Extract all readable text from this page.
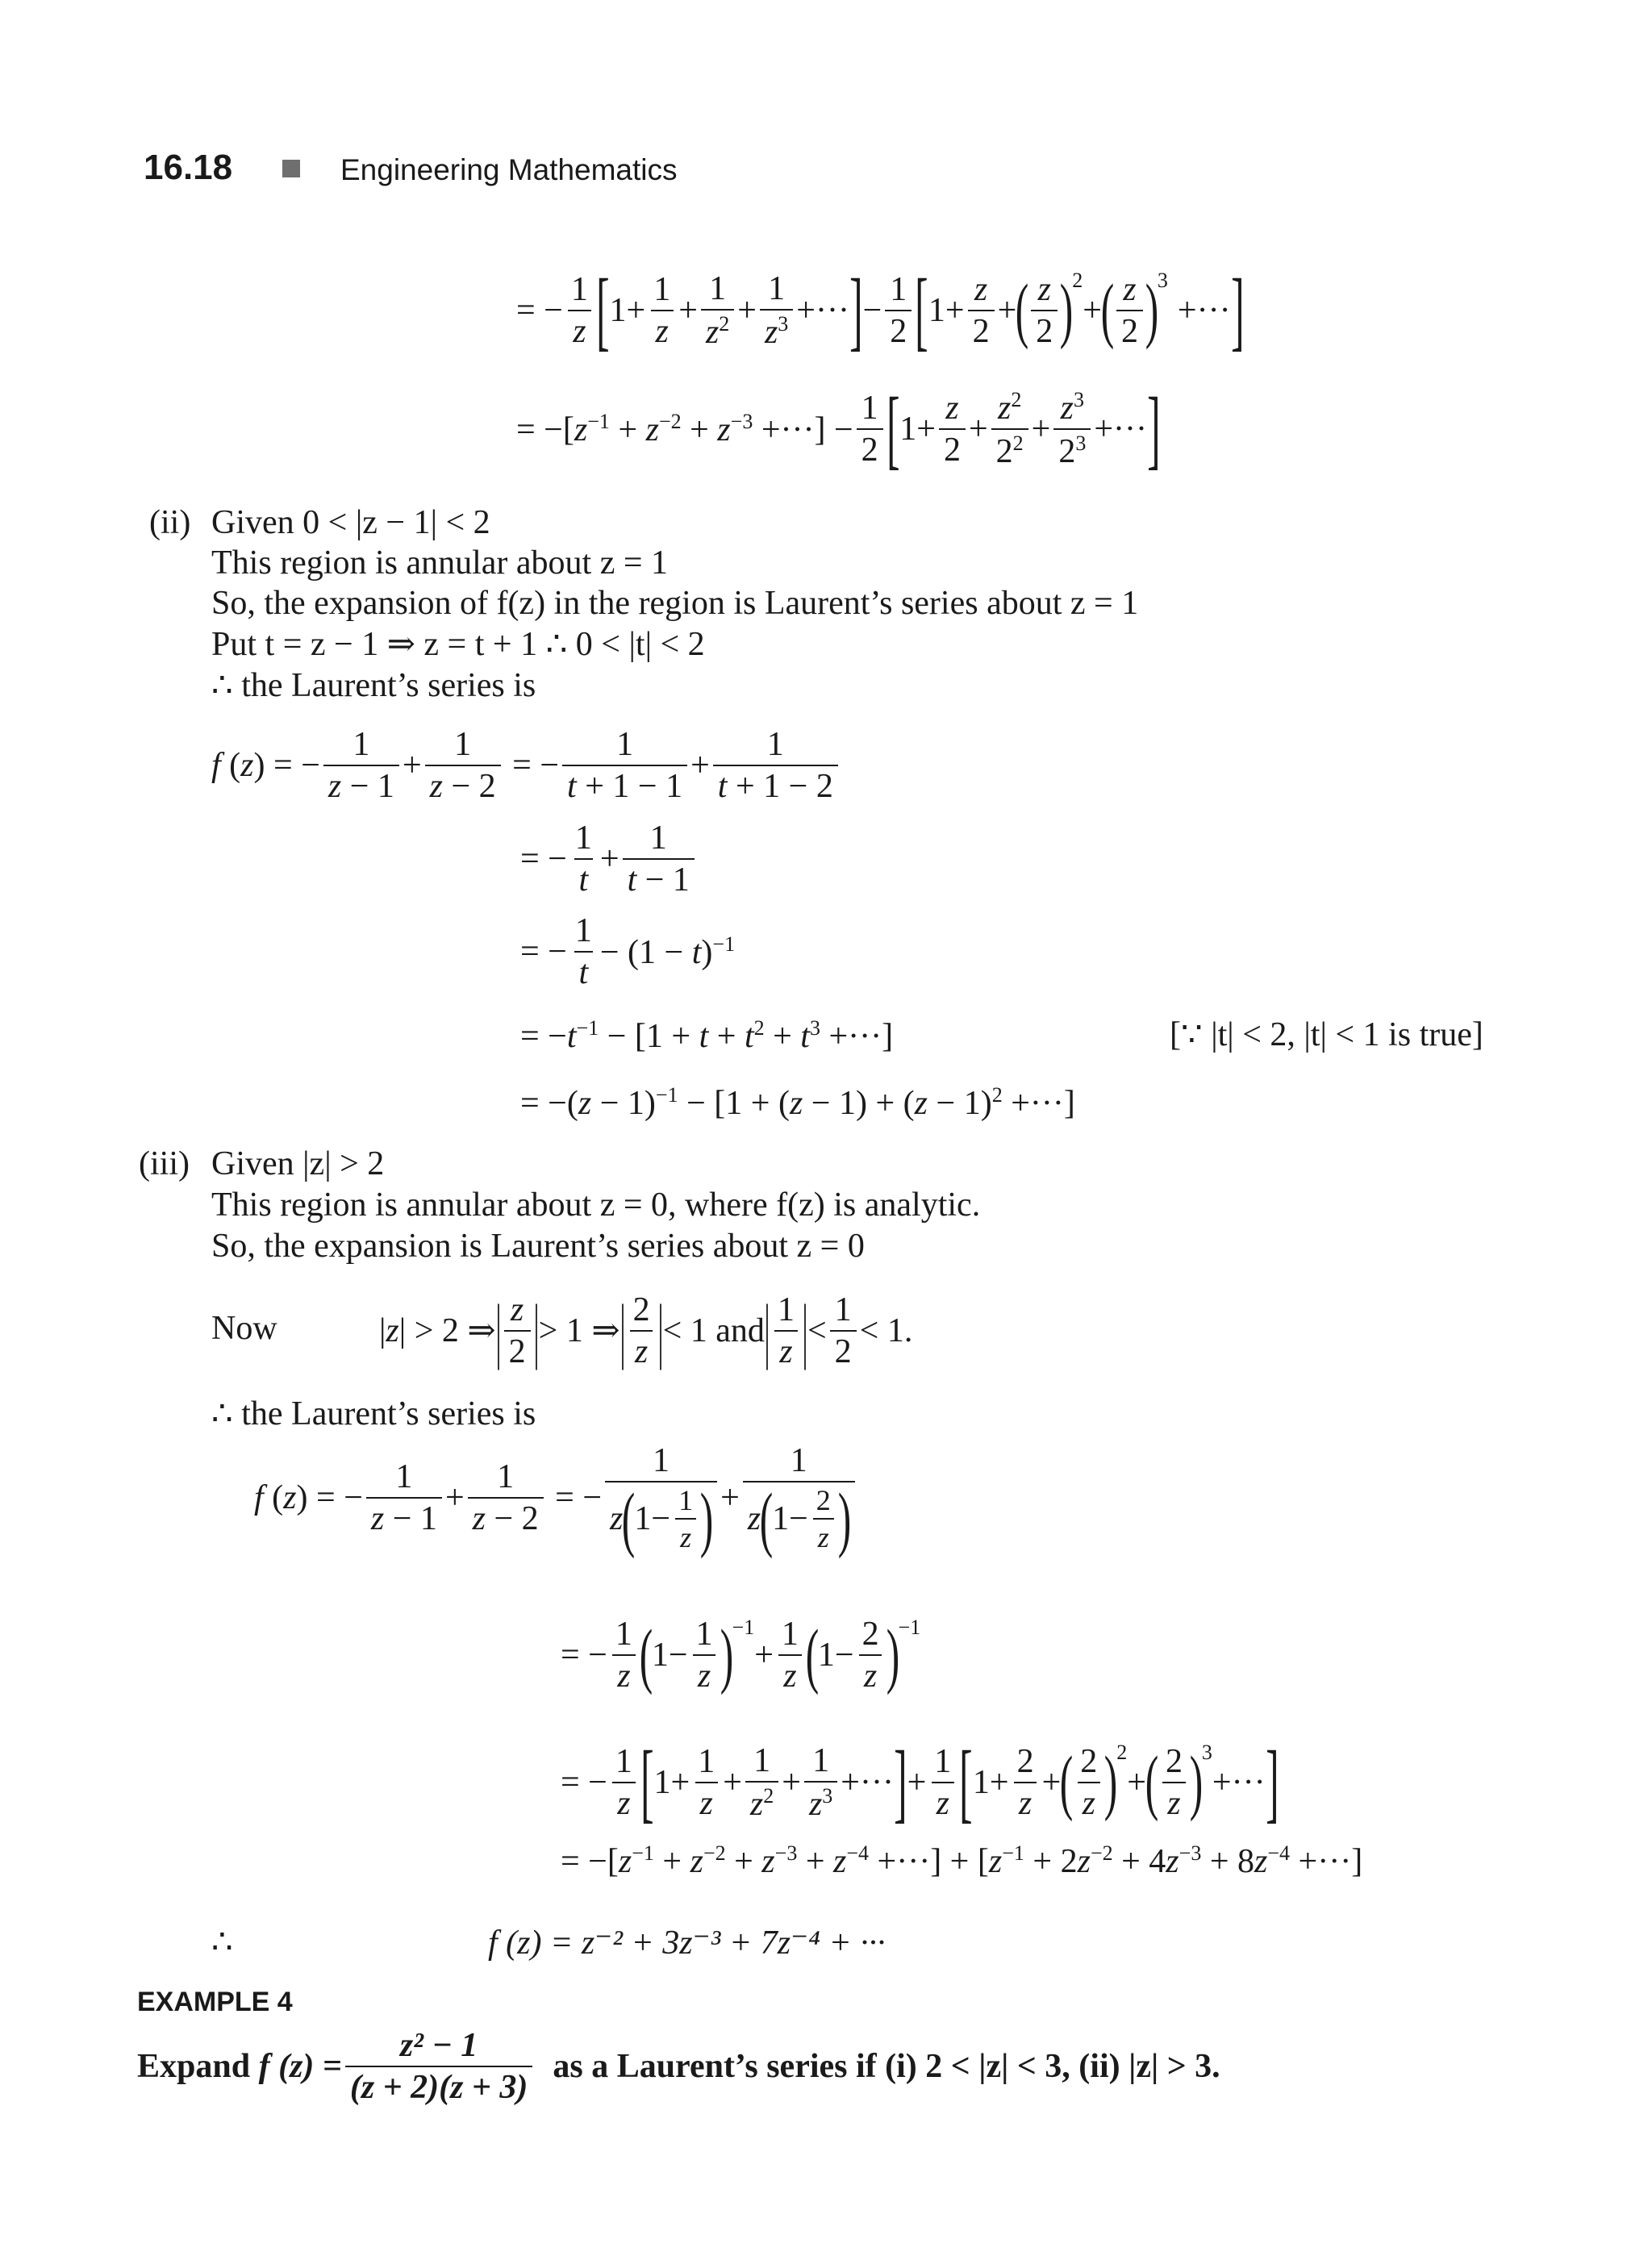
16.18	Engineering Mathematics
= − $\frac{1}{z}$ [ $1+ \frac{1}{z} + \frac{1}{z^2} + \frac{1}{z^3}$ +··· ] − $\frac{1}{2}$ [ $1+ \frac{z}{2}$ +
( $\frac{z}{2}$ )
2
+
( $\frac{z}{2}$ )
3
+··· ]
= $-[z^{-1} + z^{-2} + z^{-3}$ +···] − $\frac{1}{2}$ [ $1+ \frac{z}{2} + \frac{z^2}{2^2} + \frac{z^3}{2^3}$ +··· ]
(ii) Given 0 < |z − 1| < 2
This region is annular about z = 1
So, the expansion of f(z) in the region is Laurent’s series about z = 1
Put t = z − 1 ⇒ z = t + 1 ∴ 0 < |t| < 2
∴ the Laurent’s series is
f (z) = − $\frac{1}{z - 1} + \frac{1}{z - 2}$ = − $\frac{1}{t + 1 - 1} + \frac{1}{t + 1 - 2}$
= − $\frac{1}{t} + \frac{1}{t - 1}$
= − $\frac{1}{t} - (1 - t)^{-1}$
= $-t^{-1} - [1 + t + t^2 + t^3$ +···]	[∵ |t| < 2, |t| < 1 is true]
= $-(z - 1)^{-1} - [1 + (z - 1) + (z - 1)^2$ +···]
(iii) Given |z| > 2
This region is annular about z = 0, where f(z) is analytic.
So, the expansion is Laurent’s series about z = 0
Now	|z| > 2 ⇒ | $\frac{z}{2}$ | > 1 ⇒ | $\frac{2}{z}$ | < 1 and | $\frac{1}{z}$ | < $\frac{1}{2} < 1$.
∴ the Laurent’s series is
f (z) = − $\frac{1}{z - 1} + \frac{1}{z - 2}$ = − 1
z
(
$1- \frac{1}{z}$ ) + 1
z
(
$1- \frac{2}{z}$ )
= − $\frac{1}{z}$ (
$1- \frac{1}{z}$ )
−1
+ $\frac{1}{z}$ (
$1- \frac{2}{z}$ )
−1
= − $\frac{1}{z}$ [ $1+ \frac{1}{z} + \frac{1}{z^2} + \frac{1}{z^3}$ +··· ] + $\frac{1}{z}$ [ $1+ \frac{2}{z}$ +
( $\frac{2}{z}$ )
2
+
( $\frac{2}{z}$ )
3
+··· ]
= $-[z^{-1} + z^{-2} + z^{-3} + z^{-4}$ +···] + [$z^{-1} + 2z^{-2} + 4z^{-3} + 8z^{-4}$ +···]
∴	f (z) = z⁻² + 3z⁻³ + 7z⁻⁴ + ···
EXAMPLE 4
Expand
f $(z) = \frac{\text{z² − 1}}{(z + 2)(z + 3)}$
as a Laurent’s series if (i) 2 < |z| < 3, (ii) |z| > 3.
